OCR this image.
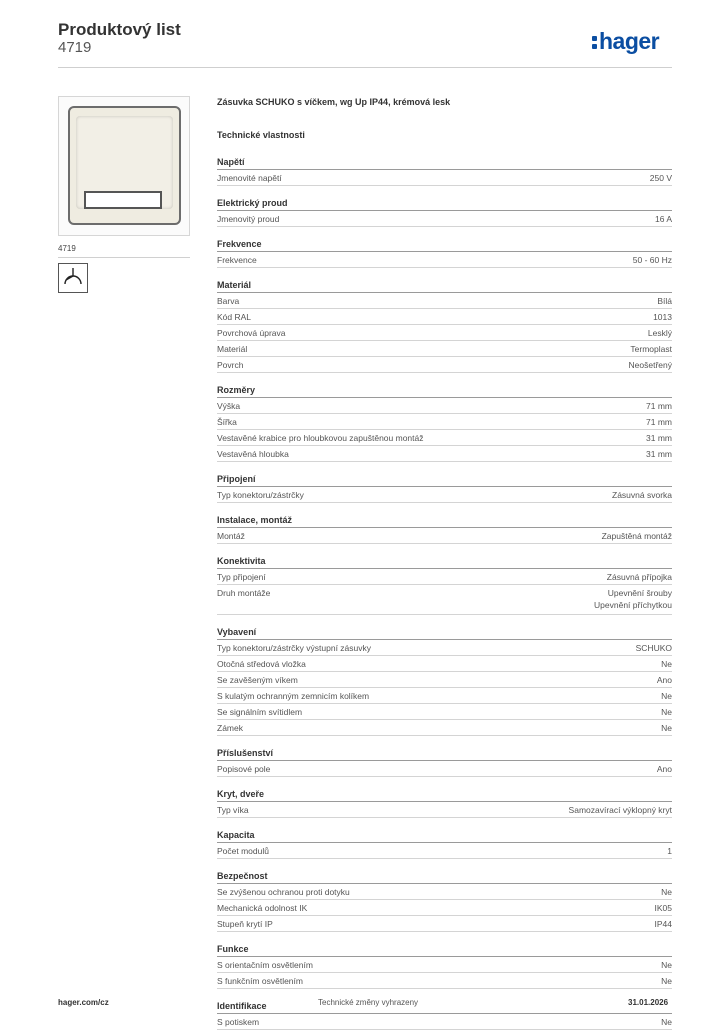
Produktový list
4719	hager
4719
Zásuvka SCHUKO s víčkem, wg Up IP44, krémová lesk
Technické vlastnosti
Napětí
Jmenovité napětí	250 V
Elektrický proud
Jmenovitý proud	16 A
Frekvence
Frekvence	50 - 60 Hz
Materiál
Barva	Bílá
Kód RAL	1013
Povrchová úprava	Lesklý
Materiál	Termoplast
Povrch	Neošetřený
Rozměry
Výška	71 mm
Šířka	71 mm
Vestavěné krabice pro hloubkovou zapuštěnou montáž	31 mm
Vestavěná hloubka	31 mm
Připojení
Typ konektoru/zástrčky	Zásuvná svorka
Instalace, montáž
Montáž	Zapuštěná montáž
Konektivita
Typ připojení	Zásuvná přípojka
Druh montáže	Upevnění šrouby
Upevnění příchytkou
Vybavení
Typ konektoru/zástrčky výstupní zásuvky	SCHUKO
Otočná středová vložka	Ne
Se zavěšeným víkem	Ano
S kulatým ochranným zemnicím kolíkem	Ne
Se signálním svítidlem	Ne
Zámek	Ne
Příslušenství
Popisové pole	Ano
Kryt, dveře
Typ víka	Samozavírací výklopný kryt
Kapacita
Počet modulů	1
Bezpečnost
Se zvýšenou ochranou proti dotyku	Ne
Mechanická odolnost IK	IK05
Stupeň krytí IP	IP44
Funkce
S orientačním osvětlením	Ne
S funkčním osvětlením	Ne
Identifikace
S potiskem	Ne
hager.com/cz	Technické změny vyhrazeny	31.01.2026
